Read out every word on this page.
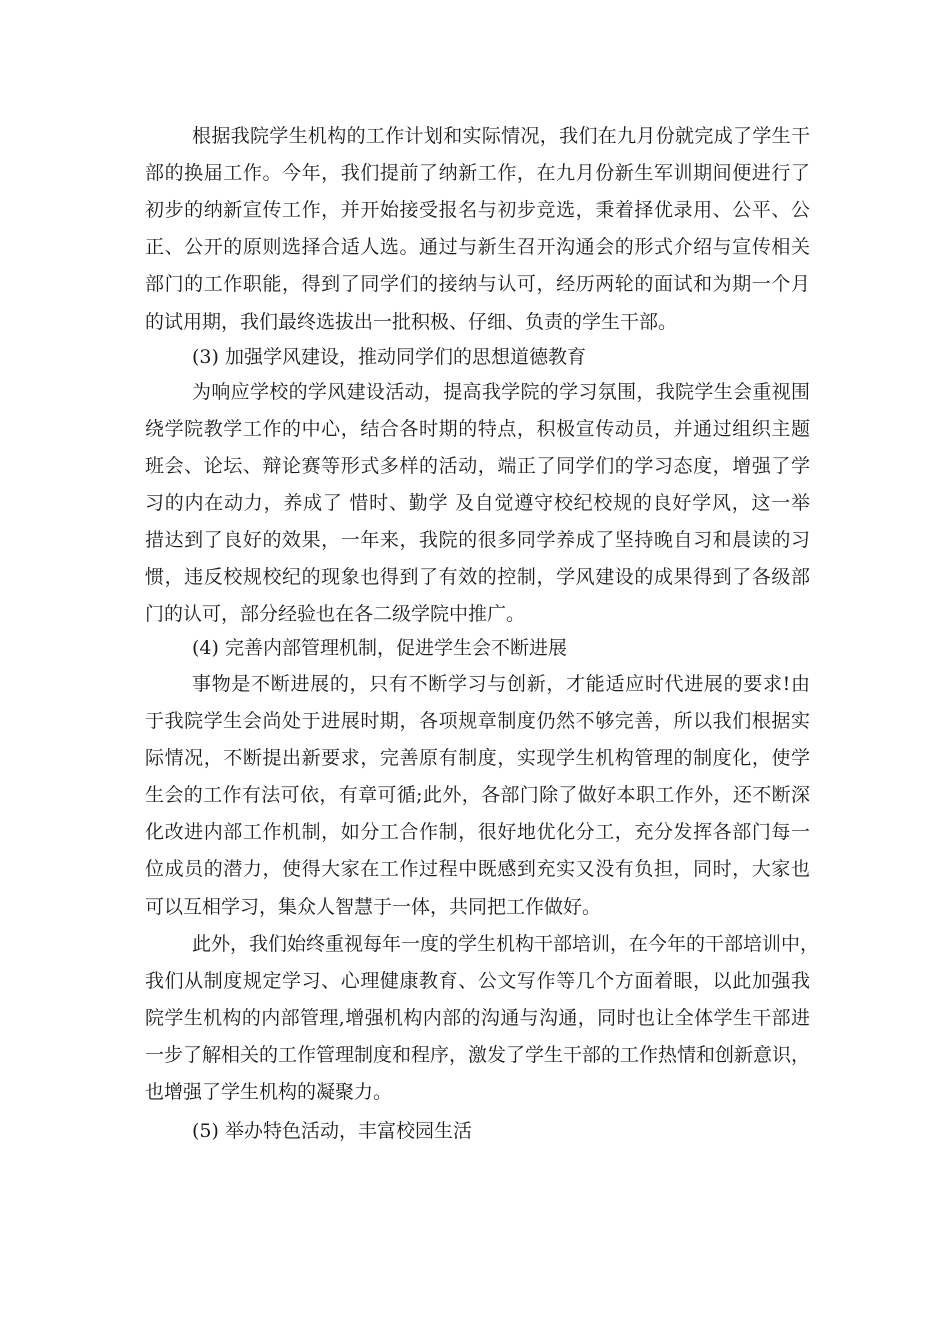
根据我院学生机构的工作计划和实际情况，我们在九月份就完成了学生干
部的换届工作。今年，我们提前了纳新工作，在九月份新生军训期间便进行了
初步的纳新宣传工作，并开始接受报名与初步竞选，秉着择优录用、公平、公
正、公开的原则选择合适人选。通过与新生召开沟通会的形式介绍与宣传相关
部门的工作职能，得到了同学们的接纳与认可，经历两轮的面试和为期一个月
的试用期，我们最终选拔出一批积极、仔细、负责的学生干部。
(3) 加强学风建设，推动同学们的思想道德教育
为响应学校的学风建设活动，提高我学院的学习氛围，我院学生会重视围
绕学院教学工作的中心，结合各时期的特点，积极宣传动员，并通过组织主题
班会、论坛、辩论赛等形式多样的活动，端正了同学们的学习态度，增强了学
习的内在动力，养成了 惜时、勤学 及自觉遵守校纪校规的良好学风，这一举
措达到了良好的效果，一年来，我院的很多同学养成了坚持晚自习和晨读的习
惯，违反校规校纪的现象也得到了有效的控制，学风建设的成果得到了各级部
门的认可，部分经验也在各二级学院中推广。
(4) 完善内部管理机制，促进学生会不断进展
事物是不断进展的，只有不断学习与创新，才能适应时代进展的要求!由
于我院学生会尚处于进展时期，各项规章制度仍然不够完善，所以我们根据实
际情况，不断提出新要求，完善原有制度，实现学生机构管理的制度化，使学
生会的工作有法可依，有章可循;此外，各部门除了做好本职工作外，还不断深
化改进内部工作机制，如分工合作制，很好地优化分工，充分发挥各部门每一
位成员的潜力，使得大家在工作过程中既感到充实又没有负担，同时，大家也
可以互相学习，集众人智慧于一体，共同把工作做好。
此外，我们始终重视每年一度的学生机构干部培训，在今年的干部培训中，
我们从制度规定学习、心理健康教育、公文写作等几个方面着眼，以此加强我
院学生机构的内部管理,增强机构内部的沟通与沟通，同时也让全体学生干部进
一步了解相关的工作管理制度和程序，激发了学生干部的工作热情和创新意识，
也增强了学生机构的凝聚力。
(5) 举办特色活动，丰富校园生活
